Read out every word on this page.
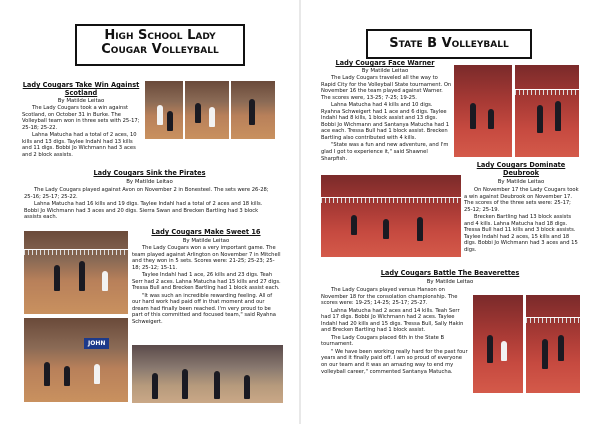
High School Lady
Cougar Volleyball
Lady Cougars Take Win Against Scotland
By Matilde Leitao

The Lady Cougars took a win against Scotland, on October 31 in Burke. The Volleyball team won in three sets with 25-17; 25-18; 25-22.

Lahna Matucha had a total of 2 aces, 10 kills and 13 digs. Taylee Indahl had 13 kills and 11 digs. Bobbi Jo Wichmann had 3 aces and 2 block assists.

Lady Cougars Sink the Pirates
By Matilde Leitao

The Lady Cougars played against Avon on November 2 in Bonesteel. The sets were 26-28; 25-16; 25-17; 25-22.

Lahna Matucha had 16 kills and 19 digs. Taylee Indahl had a total of 2 aces and 18 kills. Bobbi Jo Wichmann had 3 aces and 20 digs. Sierra Swan and Brecken Bartling had 3 block assists each.

Lady Cougars Make Sweet 16
By Matilde Leitao

The Lady Cougars won a very important game. The team played against Arlington on November 7 in Mitchell and they won in 5 sets. Scores were: 21-25; 25-23; 25-18; 25-12; 15-11.

Taylee Indahl had 1 ace, 26 kills and 23 digs. Teah Serr had 2 aces. Lahna Matucha had 15 kills and 27 digs. Tressa Bull and Brecken Bartling had 1 block assist each.

"It was such an incredible rewarding feeling. All of our hard work had paid off in that moment and our dream had finally been reached. I'm very proud to be part of this committed and focused team," said Ryahna Schweigert.

JOHN
State B Volleyball
Lady Cougars Face Warner
By Matilde Leitao

The Lady Cougars traveled all the way to Rapid City for the Volleyball State tournament. On November 16 the team played against Warner. The scores were, 13-25; 7-25; 19-25.

Lahna Matucha had 4 kills and 10 digs. Ryahna Schweigert had 1 ace and 6 digs. Taylee Indahl had 8 kills, 1 block assist and 13 digs. Bobbi Jo Wichmann and Santanya Matucha had 1 ace each. Tressa Bull had 1 block assist. Brecken Bartling also contributed with 4 kills.

"State was a fun and new adventure, and I'm glad I got to experience it," said Shawnel Sharpfish.

Lady Cougars Dominate Deubrook
By Matilde Leitao

On November 17 the Lady Cougars took a win against Deubrook on November 17. The scores of the three sets were: 25-17; 25-12; 25-19.

Brecken Bartling had 13 block assists and 4 kills. Lahna Matucha had 18 digs. Tressa Bull had 11 kills and 3 block assists. Taylee Indahl had 2 aces, 15 kills and 18 digs. Bobbi Jo Wichmann had 3 aces and 15 digs.

Lady Cougars Battle The Beaverettes
By Matilde Leitao

The Lady Cougars played versus Hanson on November 18 for the consolation championship. The scores were: 19-25; 14-25; 25-17; 25-27.

Lahna Matucha had 2 aces and 14 kills. Teah Serr had 17 digs. Bobbi Jo Wichmann had 2 aces. Taylee Indahl had 20 kills and 15 digs. Tressa Bull, Sally Hakin and Brecken Bartling had 1 block assist.

The Lady Cougars placed 6th in the State B tournament.

" We have been working really hard for the past four years and it finally paid off. I am so proud of everyone on our team and it was an amazing way to end my volleyball career," commented Santanya Matucha.
